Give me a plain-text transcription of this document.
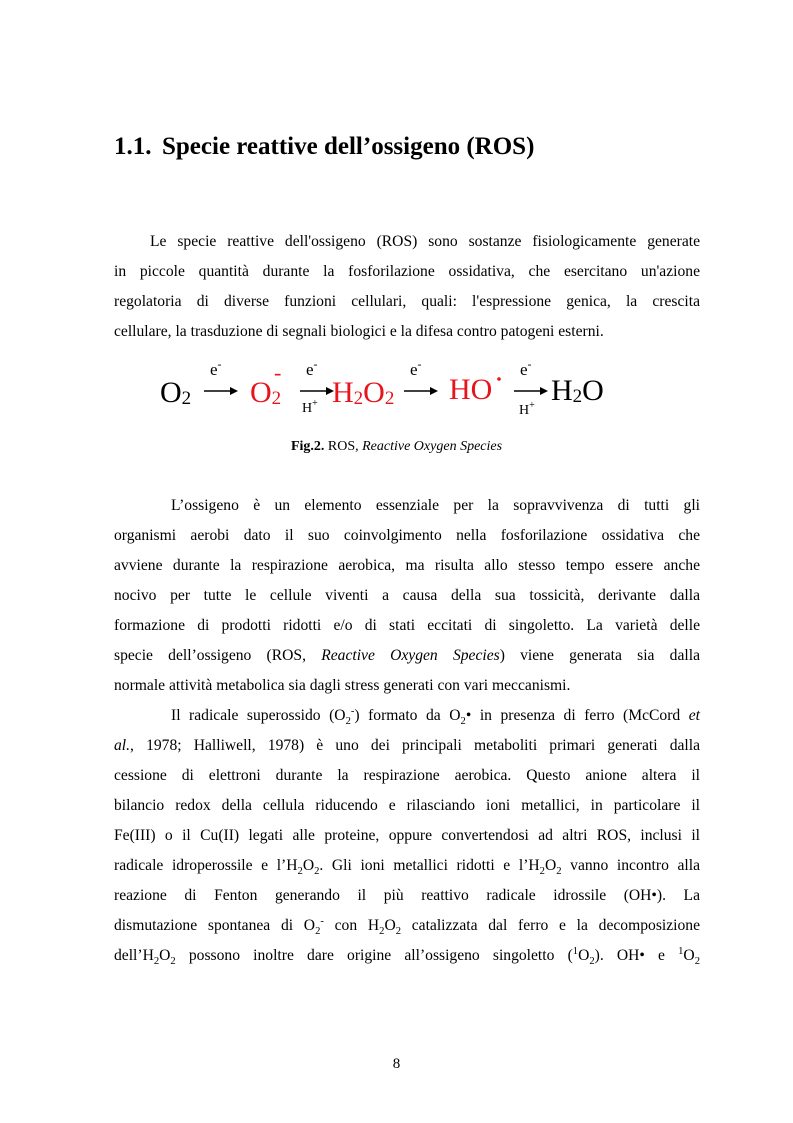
1.1. Specie reattive dell’ossigeno (ROS)
Le specie reattive dell'ossigeno (ROS) sono sostanze fisiologicamente generate
in piccole quantità durante la fosforilazione ossidativa, che esercitano un'azione
regolatoria di diverse funzioni cellulari, quali: l'espressione genica, la crescita
cellulare, la trasduzione di segnali biologici e la difesa contro patogeni esterni.
O2
e-
O2
- e-
H+ H2O2
e-
HO
e-
H+ H2O
Fig.2. ROS, Reactive Oxygen Species
L’ossigeno è un elemento essenziale per la sopravvivenza di tutti gli
organismi aerobi dato il suo coinvolgimento nella fosforilazione ossidativa che
avviene durante la respirazione aerobica, ma risulta allo stesso tempo essere anche
nocivo per tutte le cellule viventi a causa della sua tossicità, derivante dalla
formazione di prodotti ridotti e/o di stati eccitati di singoletto. La varietà delle
specie dell’ossigeno (ROS, Reactive Oxygen Species) viene generata sia dalla
normale attività metabolica sia dagli stress generati con vari meccanismi.
Il radicale superossido $(O_2^-)$ formato da $O_2•$ in presenza di ferro (McCord et
al., 1978; Halliwell, 1978) è uno dei principali metaboliti primari generati dalla
cessione di elettroni durante la respirazione aerobica. Questo anione altera il
bilancio redox della cellula riducendo e rilasciando ioni metallici, in particolare il
Fe(III) o il Cu(II) legati alle proteine, oppure convertendosi ad altri ROS, inclusi il
radicale idroperossile e $l’H_2O_2$. Gli ioni metallici ridotti e $l’H_2O_2$ vanno incontro alla
reazione di Fenton generando il più reattivo radicale idrossile (OH•). La
dismutazione spontanea di $O_2^-$ con $H_2O_2$ catalizzata dal ferro e la decomposizione
$dell’H_2O_2$ possono inoltre dare origine all’ossigeno singoletto $(^1O_2)$. OH• e $^1O_2$
8
